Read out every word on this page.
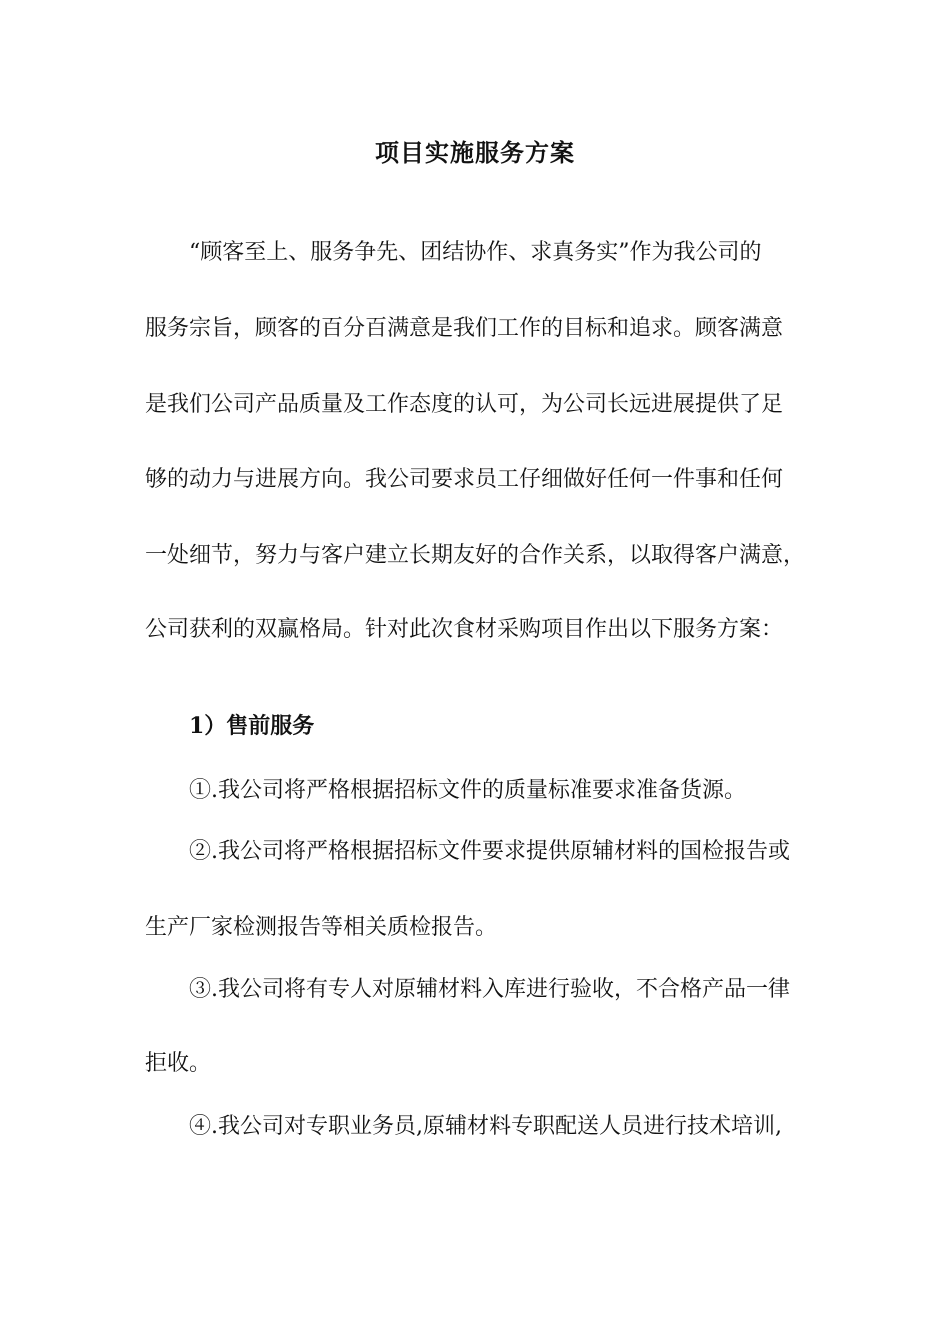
项目实施服务方案
“顾客至上、服务争先、团结协作、求真务实”作为我公司的
服务宗旨，顾客的百分百满意是我们工作的目标和追求。顾客满意
是我们公司产品质量及工作态度的认可，为公司长远进展提供了足
够的动力与进展方向。我公司要求员工仔细做好任何一件事和任何
一处细节，努力与客户建立长期友好的合作关系，以取得客户满意，
公司获利的双赢格局。针对此次食材采购项目作出以下服务方案：
1）售前服务
①.我公司将严格根据招标文件的质量标准要求准备货源。
②.我公司将严格根据招标文件要求提供原辅材料的国检报告或
生产厂家检测报告等相关质检报告。
③.我公司将有专人对原辅材料入库进行验收，不合格产品一律
拒收。
④.我公司对专职业务员,原辅材料专职配送人员进行技术培训,
